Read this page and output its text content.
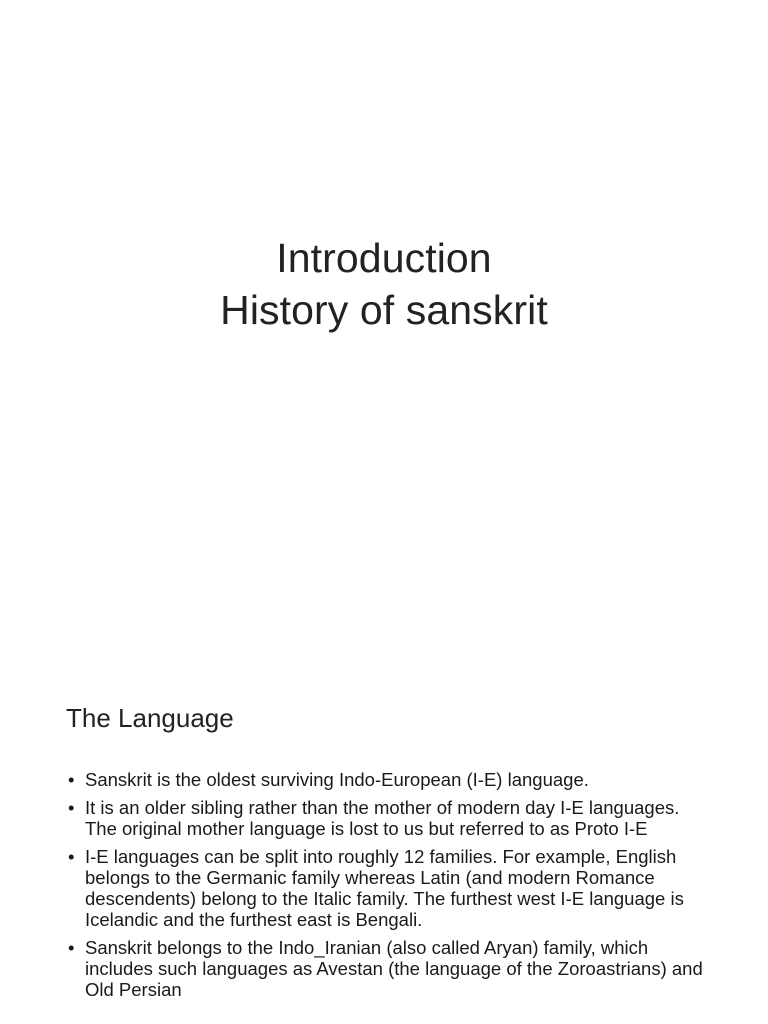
Introduction
History of sanskrit
The Language
• Sanskrit is the oldest surviving Indo-European (I-E) language.
• It is an older sibling rather than the mother of modern day I-E languages. The original mother language is lost to us but referred to as Proto I-E
• I-E languages can be split into roughly 12 families. For example, English belongs to the Germanic family whereas Latin (and modern Romance descendents) belong to the Italic family. The furthest west I-E language is Icelandic and the furthest east is Bengali.
• Sanskrit belongs to the Indo_Iranian (also called Aryan) family, which includes such languages as Avestan (the language of the Zoroastrians) and Old Persian
